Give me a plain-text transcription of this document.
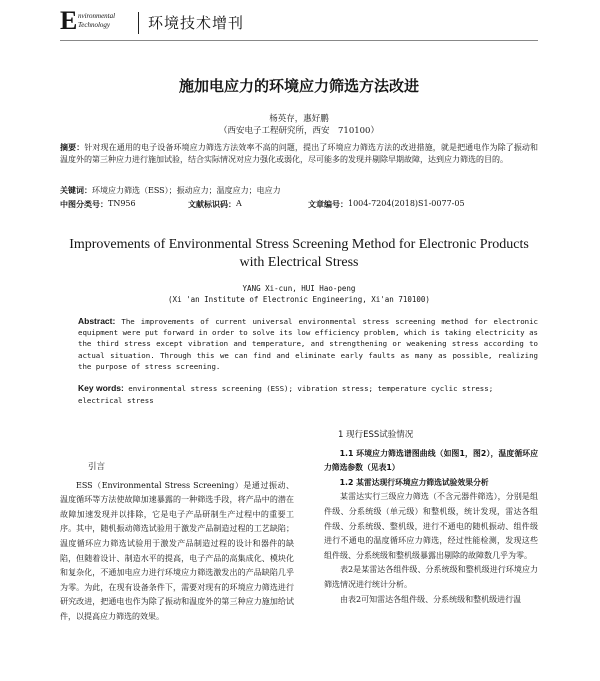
E nvironmental
Technology	环境技术增刊
施加电应力的环境应力筛选方法改进
杨英存，惠好鹏
（西安电子工程研究所，西安　710100）
摘要：针对现在通用的电子设备环境应力筛选方法效率不高的问题，提出了环境应力筛选方法的改进措施，就是把通电作为除了振动和温度外的第三种应力进行施加试验，结合实际情况对应力强化或弱化，尽可能多的发现并剔除早期故障，达到应力筛选的目的。
关键词：环境应力筛选（ESS）；振动应力；温度应力；电应力
中图分类号： TN956	文献标识码： A	文章编号： 1004-7204(2018)S1-0077-05
Improvements of Environmental Stress Screening Method for Electronic Products
with Electrical Stress
YANG Xi-cun, HUI Hao-peng
(Xi 'an Institute of Electronic Engineering, Xi'an 710100)
Abstract: The improvements of current universal environmental stress screening method for electronic equipment were put forward in order to solve its low efficiency problem, which is taking electricity as the third stress except vibration and temperature, and strengthening or weakening stress according to actual situation. Through this we can find and eliminate early faults as many as possible, realizing the purpose of stress screening.
Key words: environmental stress screening (ESS); vibration stress; temperature cyclic stress; electrical stress
引言

ESS（Environmental Stress Screening）是通过振动、温度循环等方法使故障加速暴露的一种筛选手段，将产品中的潜在故障加速发现并以排除，它是电子产品研制生产过程中的重要工序。其中，随机振动筛选试验用于激发产品制造过程的工艺缺陷；温度循环应力筛选试验用于激发产品制造过程的设计和器件的缺陷，但随着设计、制造水平的提高，电子产品的高集成化、模块化和复杂化，不通加电应力进行环境应力筛选激发出的产品缺陷几乎为零。为此，在现有设备条件下，需要对现有的环境应力筛选进行研究改进，把通电也作为除了振动和温度外的第三种应力施加给试件，以提高应力筛选的效果。

1 现行ESS试验情况

1.1 环境应力筛选谱图曲线（如图1，图2），温度循环应力筛选参数（见表1）

1.2 某雷达现行环境应力筛选试验效果分析

某雷达实行三级应力筛选（不含元器件筛选），分别是组件级、分系统级（单元级）和整机级，统计发现，雷达各组件级、分系统级、整机级，进行不通电的随机振动、组件级进行不通电的温度循环应力筛选，经过性能检测，发现这些组件级、分系统级和整机级暴露出剔除的故障数几乎为零。

表2是某雷达各组件级、分系统级和整机级进行环境应力筛选情况进行统计分析。

由表2可知雷达各组件级、分系统级和整机级进行温
